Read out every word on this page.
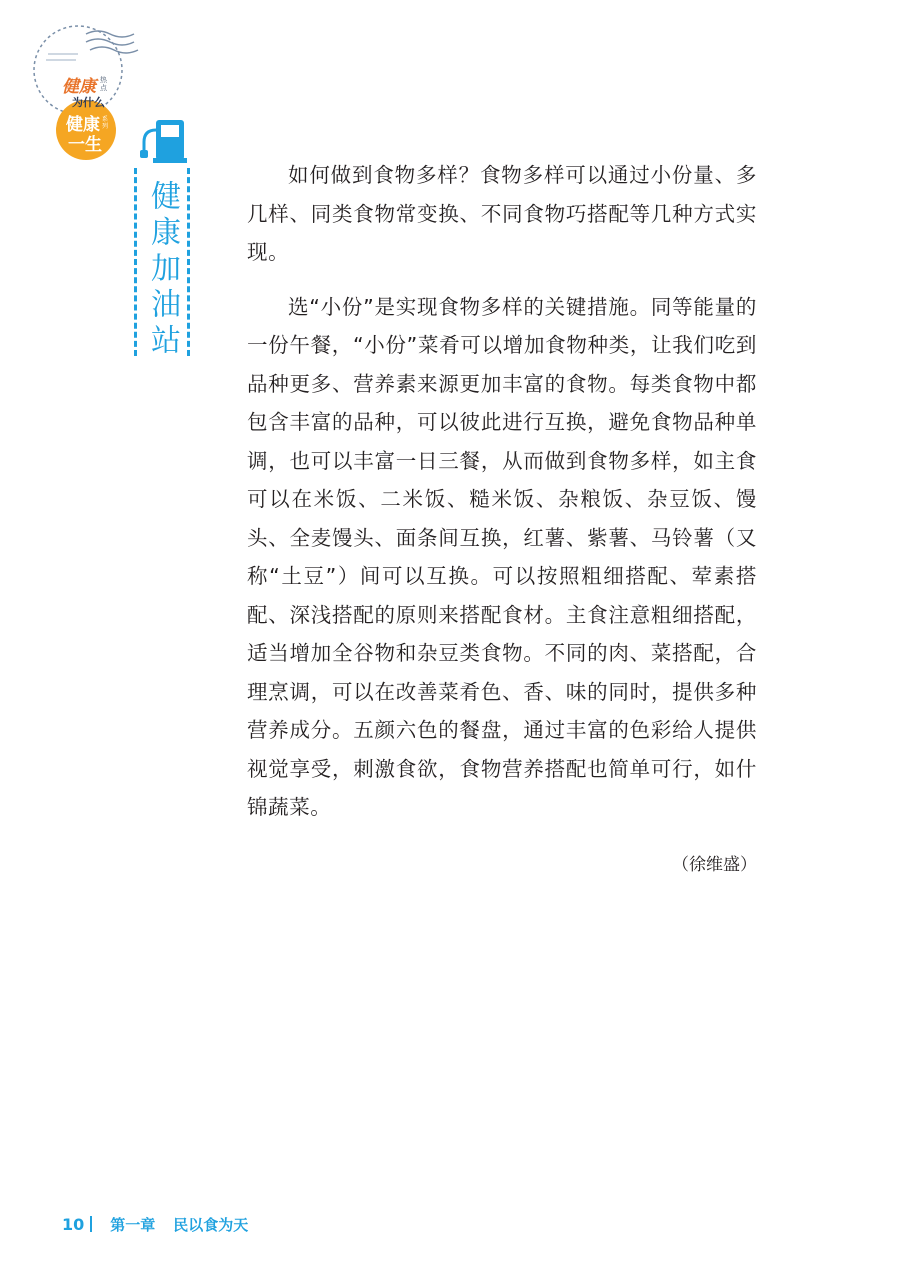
健康 热点
为什么
健康 系列
一生
健康加油站

如何做到食物多样？食物多样可以通过小份量、多几样、同类食物常变换、不同食物巧搭配等几种方式实现。

选“小份”是实现食物多样的关键措施。同等能量的一份午餐，“小份”菜肴可以增加食物种类，让我们吃到品种更多、营养素来源更加丰富的食物。每类食物中都包含丰富的品种，可以彼此进行互换，避免食物品种单调，也可以丰富一日三餐，从而做到食物多样，如主食可以在米饭、二米饭、糙米饭、杂粮饭、杂豆饭、馒头、全麦馒头、面条间互换，红薯、紫薯、马铃薯（又称“土豆”）间可以互换。可以按照粗细搭配、荤素搭配、深浅搭配的原则来搭配食材。主食注意粗细搭配，适当增加全谷物和杂豆类食物。不同的肉、菜搭配，合理烹调，可以在改善菜肴色、香、味的同时，提供多种营养成分。五颜六色的餐盘，通过丰富的色彩给人提供视觉享受，刺激食欲，食物营养搭配也简单可行，如什锦蔬菜。

（徐维盛）
10 第一章 民以食为天
